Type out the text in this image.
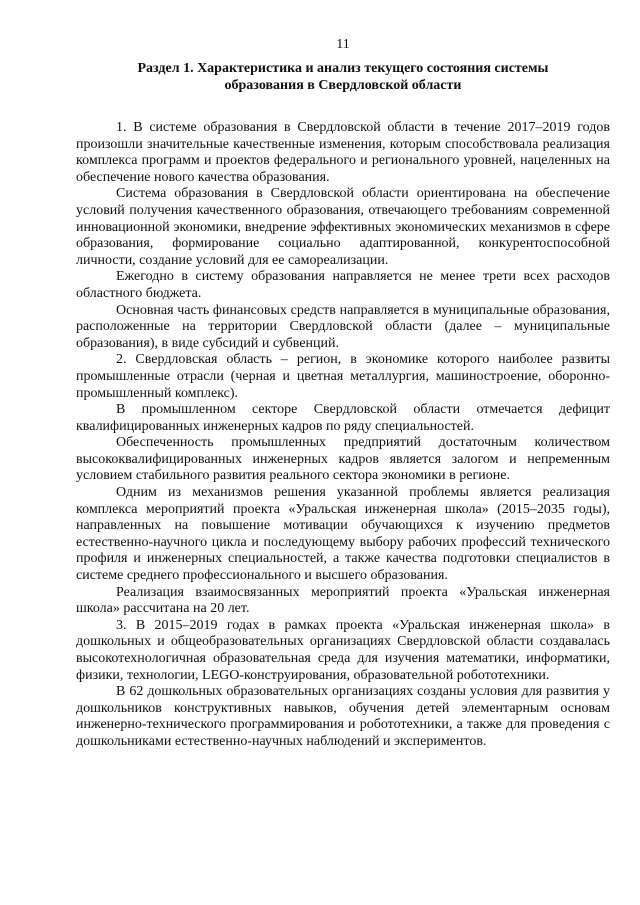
11
Раздел 1. Характеристика и анализ текущего состояния системы
образования в Свердловской области

1. В системе образования в Свердловской области в течение 2017–2019 годов произошли значительные качественные изменения, которым способствовала реализация комплекса программ и проектов федерального и регионального уровней, нацеленных на обеспечение нового качества образования.

Система образования в Свердловской области ориентирована на обеспечение условий получения качественного образования, отвечающего требованиям современной инновационной экономики, внедрение эффективных экономических механизмов в сфере образования, формирование социально адаптированной, конкурентоспособной личности, создание условий для ее самореализации.

Ежегодно в систему образования направляется не менее трети всех расходов областного бюджета.

Основная часть финансовых средств направляется в муниципальные образования, расположенные на территории Свердловской области (далее – муниципальные образования), в виде субсидий и субвенций.

2. Свердловская область – регион, в экономике которого наиболее развиты промышленные отрасли (черная и цветная металлургия, машиностроение, оборонно-промышленный комплекс).

В промышленном секторе Свердловской области отмечается дефицит квалифицированных инженерных кадров по ряду специальностей.

Обеспеченность промышленных предприятий достаточным количеством высококвалифицированных инженерных кадров является залогом и непременным условием стабильного развития реального сектора экономики в регионе.

Одним из механизмов решения указанной проблемы является реализация комплекса мероприятий проекта «Уральская инженерная школа» (2015–2035 годы), направленных на повышение мотивации обучающихся к изучению предметов естественно-научного цикла и последующему выбору рабочих профессий технического профиля и инженерных специальностей, а также качества подготовки специалистов в системе среднего профессионального и высшего образования.

Реализация взаимосвязанных мероприятий проекта «Уральская инженерная школа» рассчитана на 20 лет.

3. В 2015–2019 годах в рамках проекта «Уральская инженерная школа» в дошкольных и общеобразовательных организациях Свердловской области создавалась высокотехнологичная образовательная среда для изучения математики, информатики, физики, технологии, LEGO-конструирования, образовательной робототехники.

В 62 дошкольных образовательных организациях созданы условия для развития у дошкольников конструктивных навыков, обучения детей элементарным основам инженерно-технического программирования и робототехники, а также для проведения с дошкольниками естественно-научных наблюдений и экспериментов.
